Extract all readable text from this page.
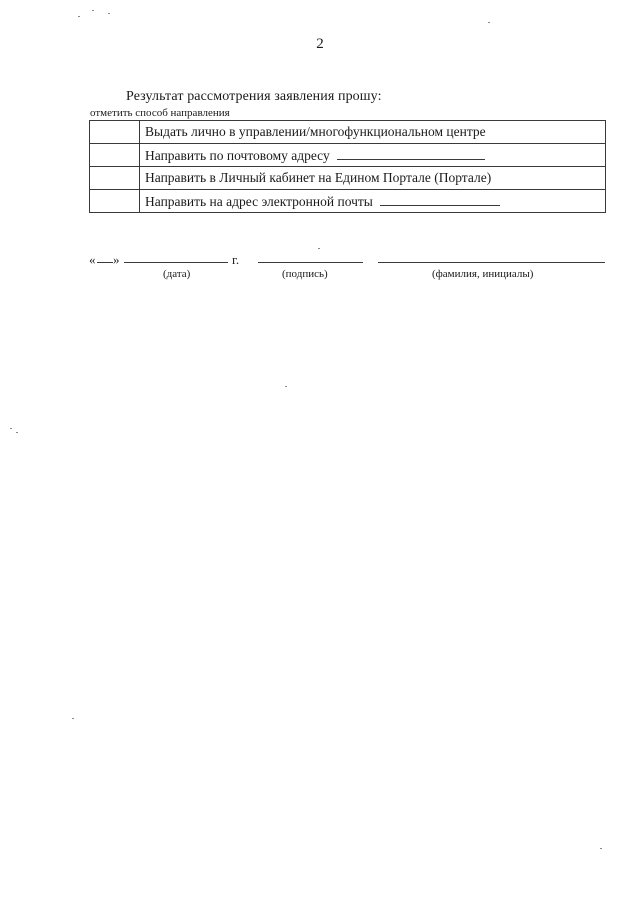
2
Результат рассмотрения заявления прошу:
отметить способ направления
	Выдать лично в управлении/многофункциональном центре
	Направить по почтовому адресу
	Направить в Личный кабинет на Едином Портале (Портале)
	Направить на адрес электронной почты
« »	г.
(дата)	(подпись)	(фамилия, инициалы)
